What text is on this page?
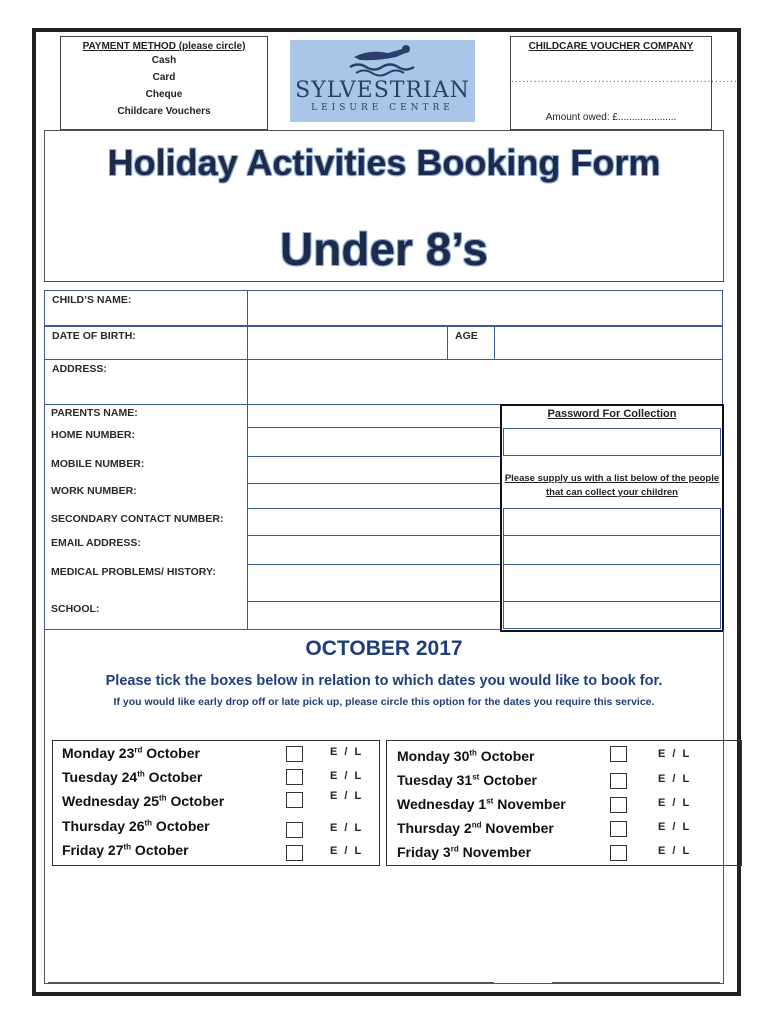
PAYMENT METHOD (please circle)
Cash
Card
Cheque
Childcare Vouchers
SYLVESTRIAN
LEISURE CENTRE
CHILDCARE VOUCHER COMPANY
............................................................
Amount owed: £.....................
Holiday Activities Booking Form
Under 8’s
CHILD’S NAME:
DATE OF BIRTH:	AGE
ADDRESS:
PARENTS NAME:
HOME NUMBER:
MOBILE NUMBER:
WORK NUMBER:
SECONDARY CONTACT NUMBER:
EMAIL ADDRESS:
MEDICAL PROBLEMS/ HISTORY:
SCHOOL:
Password For Collection
Please supply us with a list below of the people that can collect your children
OCTOBER 2017
Please tick the boxes below in relation to which dates you would like to book for.
If you would like early drop off or late pick up, please circle this option for the dates you require this service.
Monday 23rd October	E / L
Tuesday 24th October	E / L
Wednesday 25th October	E / L
Thursday 26th October	E / L
Friday 27th October	E / L
Monday 30th October	E / L
Tuesday 31st October	E / L
Wednesday 1st November	E / L
Thursday 2nd November	E / L
Friday 3rd November	E / L
